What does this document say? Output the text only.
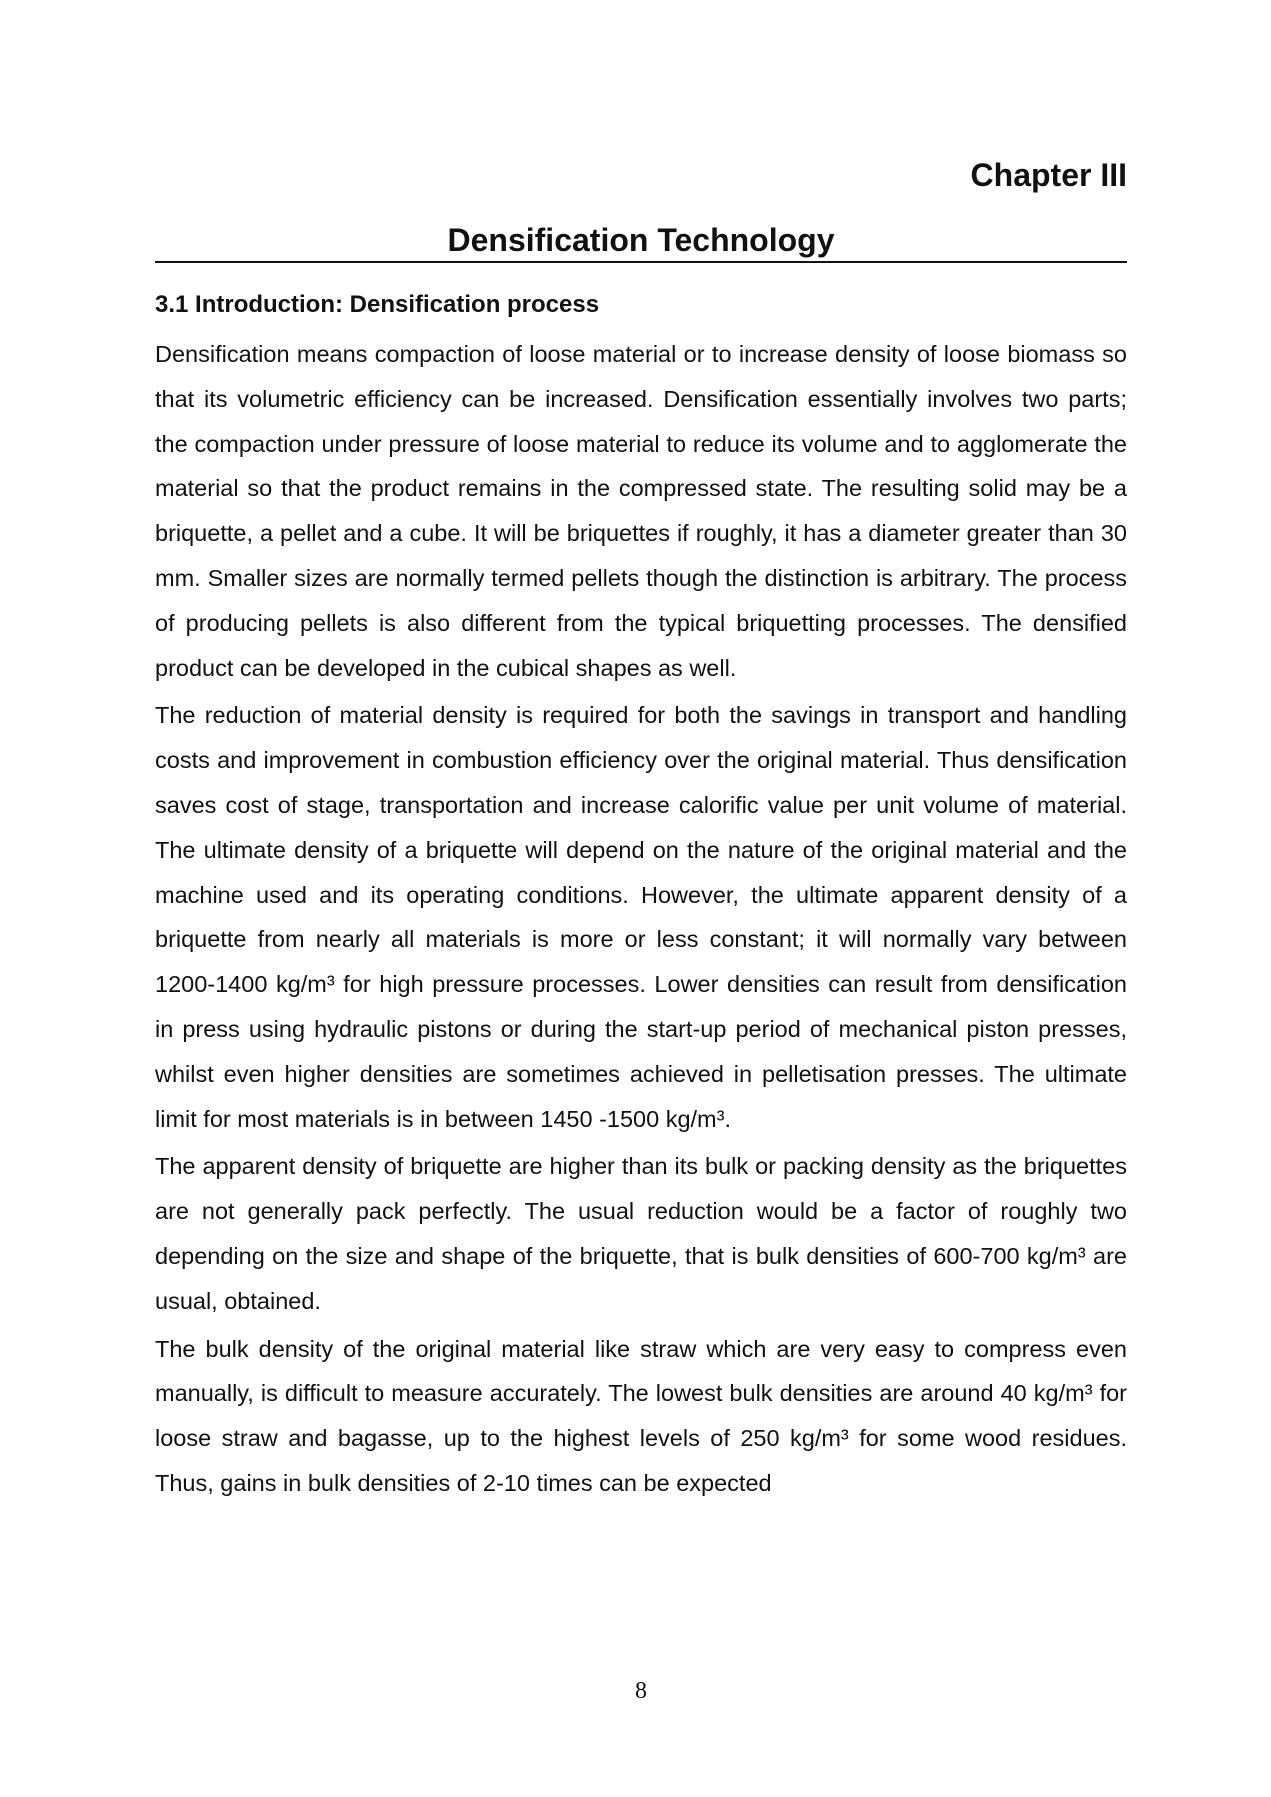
Chapter III
Densification Technology
3.1 Introduction: Densification process

Densification means compaction of loose material or to increase density of loose biomass so that its volumetric efficiency can be increased. Densification essentially involves two parts; the compaction under pressure of loose material to reduce its volume and to agglomerate the material so that the product remains in the compressed state. The resulting solid may be a briquette, a pellet and a cube. It will be briquettes if roughly, it has a diameter greater than 30 mm. Smaller sizes are normally termed pellets though the distinction is arbitrary. The process of producing pellets is also different from the typical briquetting processes. The densified product can be developed in the cubical shapes as well.

The reduction of material density is required for both the savings in transport and handling costs and improvement in combustion efficiency over the original material. Thus densification saves cost of stage, transportation and increase calorific value per unit volume of material. The ultimate density of a briquette will depend on the nature of the original material and the machine used and its operating conditions. However, the ultimate apparent density of a briquette from nearly all materials is more or less constant; it will normally vary between 1200-1400 kg/m³ for high pressure processes. Lower densities can result from densification in press using hydraulic pistons or during the start-up period of mechanical piston presses, whilst even higher densities are sometimes achieved in pelletisation presses. The ultimate limit for most materials is in between 1450 -1500 kg/m³.

The apparent density of briquette are higher than its bulk or packing density as the briquettes are not generally pack perfectly. The usual reduction would be a factor of roughly two depending on the size and shape of the briquette, that is bulk densities of 600-700 kg/m³ are usual, obtained.

The bulk density of the original material like straw which are very easy to compress even manually, is difficult to measure accurately. The lowest bulk densities are around 40 kg/m³ for loose straw and bagasse, up to the highest levels of 250 kg/m³ for some wood residues. Thus, gains in bulk densities of 2-10 times can be expected

8
